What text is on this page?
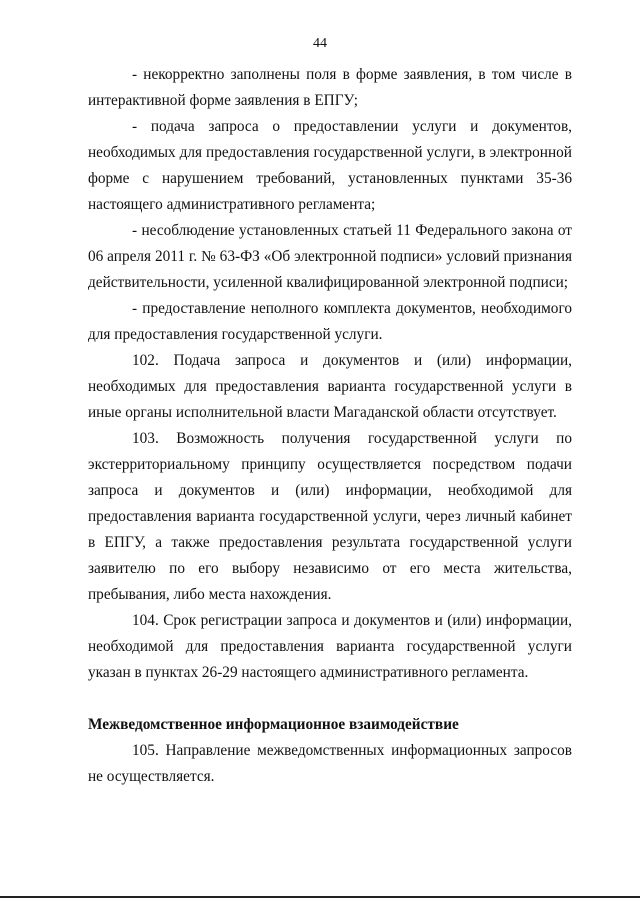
44

- некорректно заполнены поля в форме заявления, в том числе в интерактивной форме заявления в ЕПГУ;

- подача запроса о предоставлении услуги и документов, необходимых для предоставления государственной услуги, в электронной форме с нарушением требований, установленных пунктами 35-36 настоящего административного регламента;

- несоблюдение установленных статьей 11 Федерального закона от 06 апреля 2011 г. № 63-ФЗ «Об электронной подписи» условий признания действительности, усиленной квалифицированной электронной подписи;

- предоставление неполного комплекта документов, необходимого для предоставления государственной услуги.

102. Подача запроса и документов и (или) информации, необходимых для предоставления варианта государственной услуги в иные органы исполнительной власти Магаданской области отсутствует.

103. Возможность получения государственной услуги по экстерриториальному принципу осуществляется посредством подачи запроса и документов и (или) информации, необходимой для предоставления варианта государственной услуги, через личный кабинет в ЕПГУ, а также предоставления результата государственной услуги заявителю по его выбору независимо от его места жительства, пребывания, либо места нахождения.

104. Срок регистрации запроса и документов и (или) информации, необходимой для предоставления варианта государственной услуги указан в пунктах 26-29 настоящего административного регламента.

Межведомственное информационное взаимодействие

105. Направление межведомственных информационных запросов не осуществляется.
